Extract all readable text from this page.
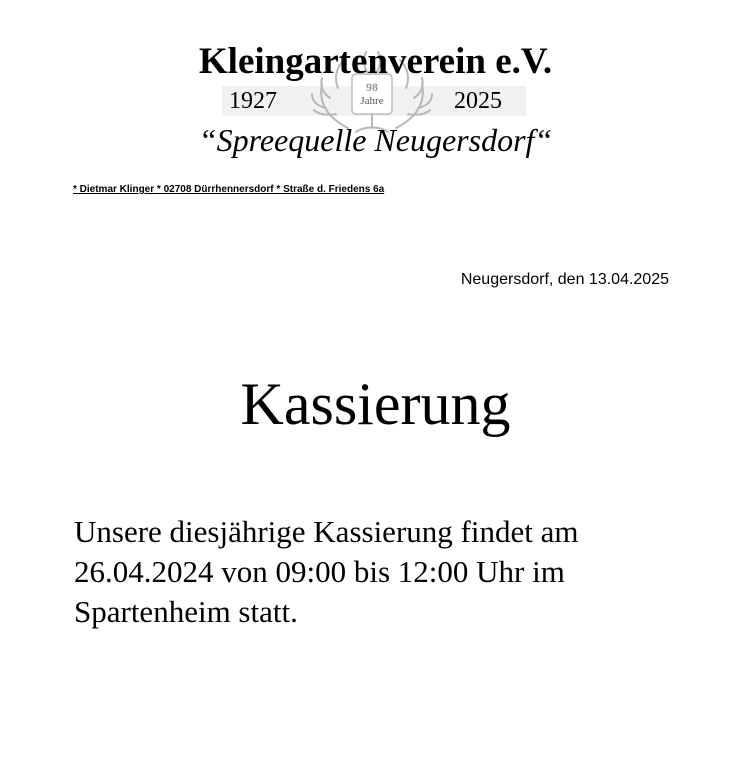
98
Jahre
Kleingartenverein e.V.
1927	2025
“Spreequelle Neugersdorf“
* Dietmar Klinger * 02708 Dürrhennersdorf * Straße d. Friedens 6a
Neugersdorf, den 13.04.2025
Kassierung
Unsere diesjährige Kassierung findet am
26.04.2024 von 09:00 bis 12:00 Uhr im
Spartenheim statt.
